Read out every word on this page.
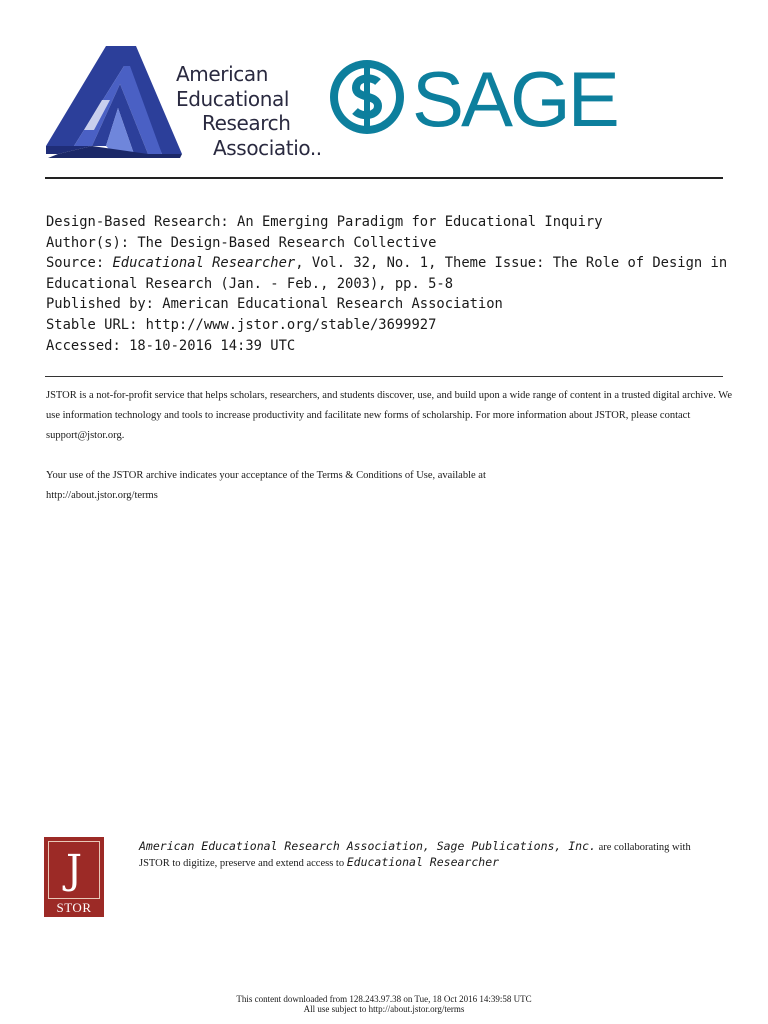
American
Educational
Research
Associatio..
SAGE
Design-Based Research: An Emerging Paradigm for Educational Inquiry
Author(s): The Design-Based Research Collective
Source: Educational Researcher, Vol. 32, No. 1, Theme Issue: The Role of Design in
Educational Research (Jan. - Feb., 2003), pp. 5-8
Published by: American Educational Research Association
Stable URL: http://www.jstor.org/stable/3699927
Accessed: 18-10-2016 14:39 UTC

JSTOR is a not-for-profit service that helps scholars, researchers, and students discover, use, and build upon a wide range of content in a trusted digital archive. We use information technology and tools to increase productivity and facilitate new forms of scholarship. For more information about JSTOR, please contact support@jstor.org.

Your use of the JSTOR archive indicates your acceptance of the Terms & Conditions of Use, available at
http://about.jstor.org/terms

J
STOR

American Educational Research Association, Sage Publications, Inc. are collaborating with

JSTOR to digitize, preserve and extend access to Educational Researcher

This content downloaded from 128.243.97.38 on Tue, 18 Oct 2016 14:39:58 UTC
All use subject to http://about.jstor.org/terms
